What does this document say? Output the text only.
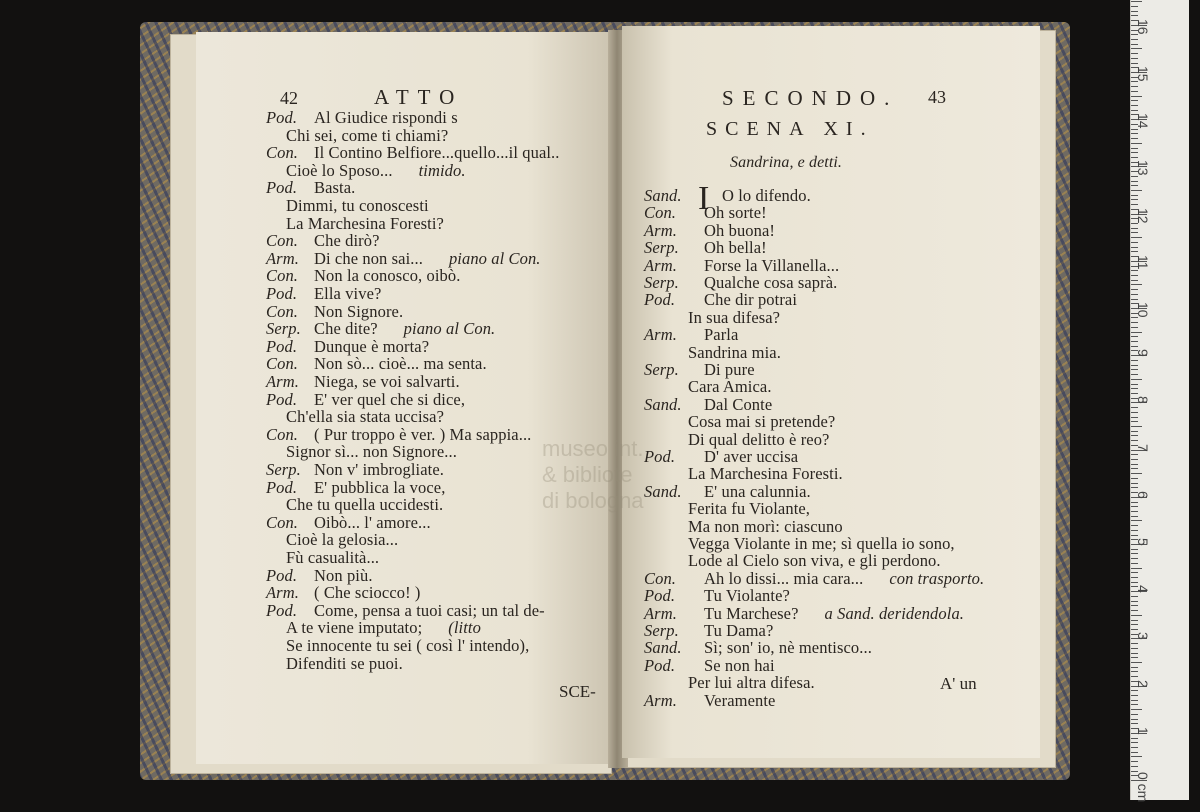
42	ATTO
Pod. Al Giudice rispondi s
Chi sei, come ti chiami?
Con. Il Contino Belfiore...quello...il qual..
Cioè lo Sposo... timido.
Pod. Basta.
Dimmi, tu conoscesti
La Marchesina Foresti?
Con. Che dirò?
Arm. Di che non sai... piano al Con.
Con. Non la conosco, oibò.
Pod. Ella vive?
Con. Non Signore.
Serp. Che dite? piano al Con.
Pod. Dunque è morta?
Con. Non sò... cioè... ma senta.
Arm. Niega, se voi salvarti.
Pod. E' ver quel che si dice,
Ch'ella sia stata uccisa?
Con. ( Pur troppo è ver. ) Ma sappia...
Signor sì... non Signore...
Serp. Non v' imbrogliate.
Pod. E' pubblica la voce,
Che tu quella uccidesti.
Con. Oibò... l' amore...
Cioè la gelosia...
Fù casualità...
Pod. Non più.
Arm. ( Che sciocco! )
Pod. Come, pensa a tuoi casi; un tal de-
A te viene imputato; (litto
Se innocente tu sei ( così l' intendo),
Difenditi se puoi.
SCE-
SECONDO. 43
SCENA XI.
Sandrina, e detti.
museo int.
& bibliote
di bologna
Sand. I O lo difendo.
Con. Oh sorte!
Arm. Oh buona!
Serp. Oh bella!
Arm. Forse la Villanella...
Serp. Qualche cosa saprà.
Pod. Che dir potrai
In sua difesa?
Arm. Parla
Sandrina mia.
Serp. Di pure
Cara Amica.
Sand. Dal Conte
Cosa mai si pretende?
Di qual delitto è reo?
Pod. D' aver uccisa
La Marchesina Foresti.
Sand. E' una calunnia.
Ferita fu Violante,
Ma non morì: ciascuno
Vegga Violante in me; sì quella io sono,
Lode al Cielo son viva, e gli perdono.
Con. Ah lo dissi... mia cara... con trasporto.
Pod. Tu Violante?
Arm. Tu Marchese? a Sand. deridendola.
Serp. Tu Dama?
Sand. Sì; son' io, nè mentisco...
Pod. Se non hai
Per lui altra difesa.
Arm. Veramente
A' un
1
2
3
4
5
6
7
8
9
10
11
12
13
14
15
16
0 cm
